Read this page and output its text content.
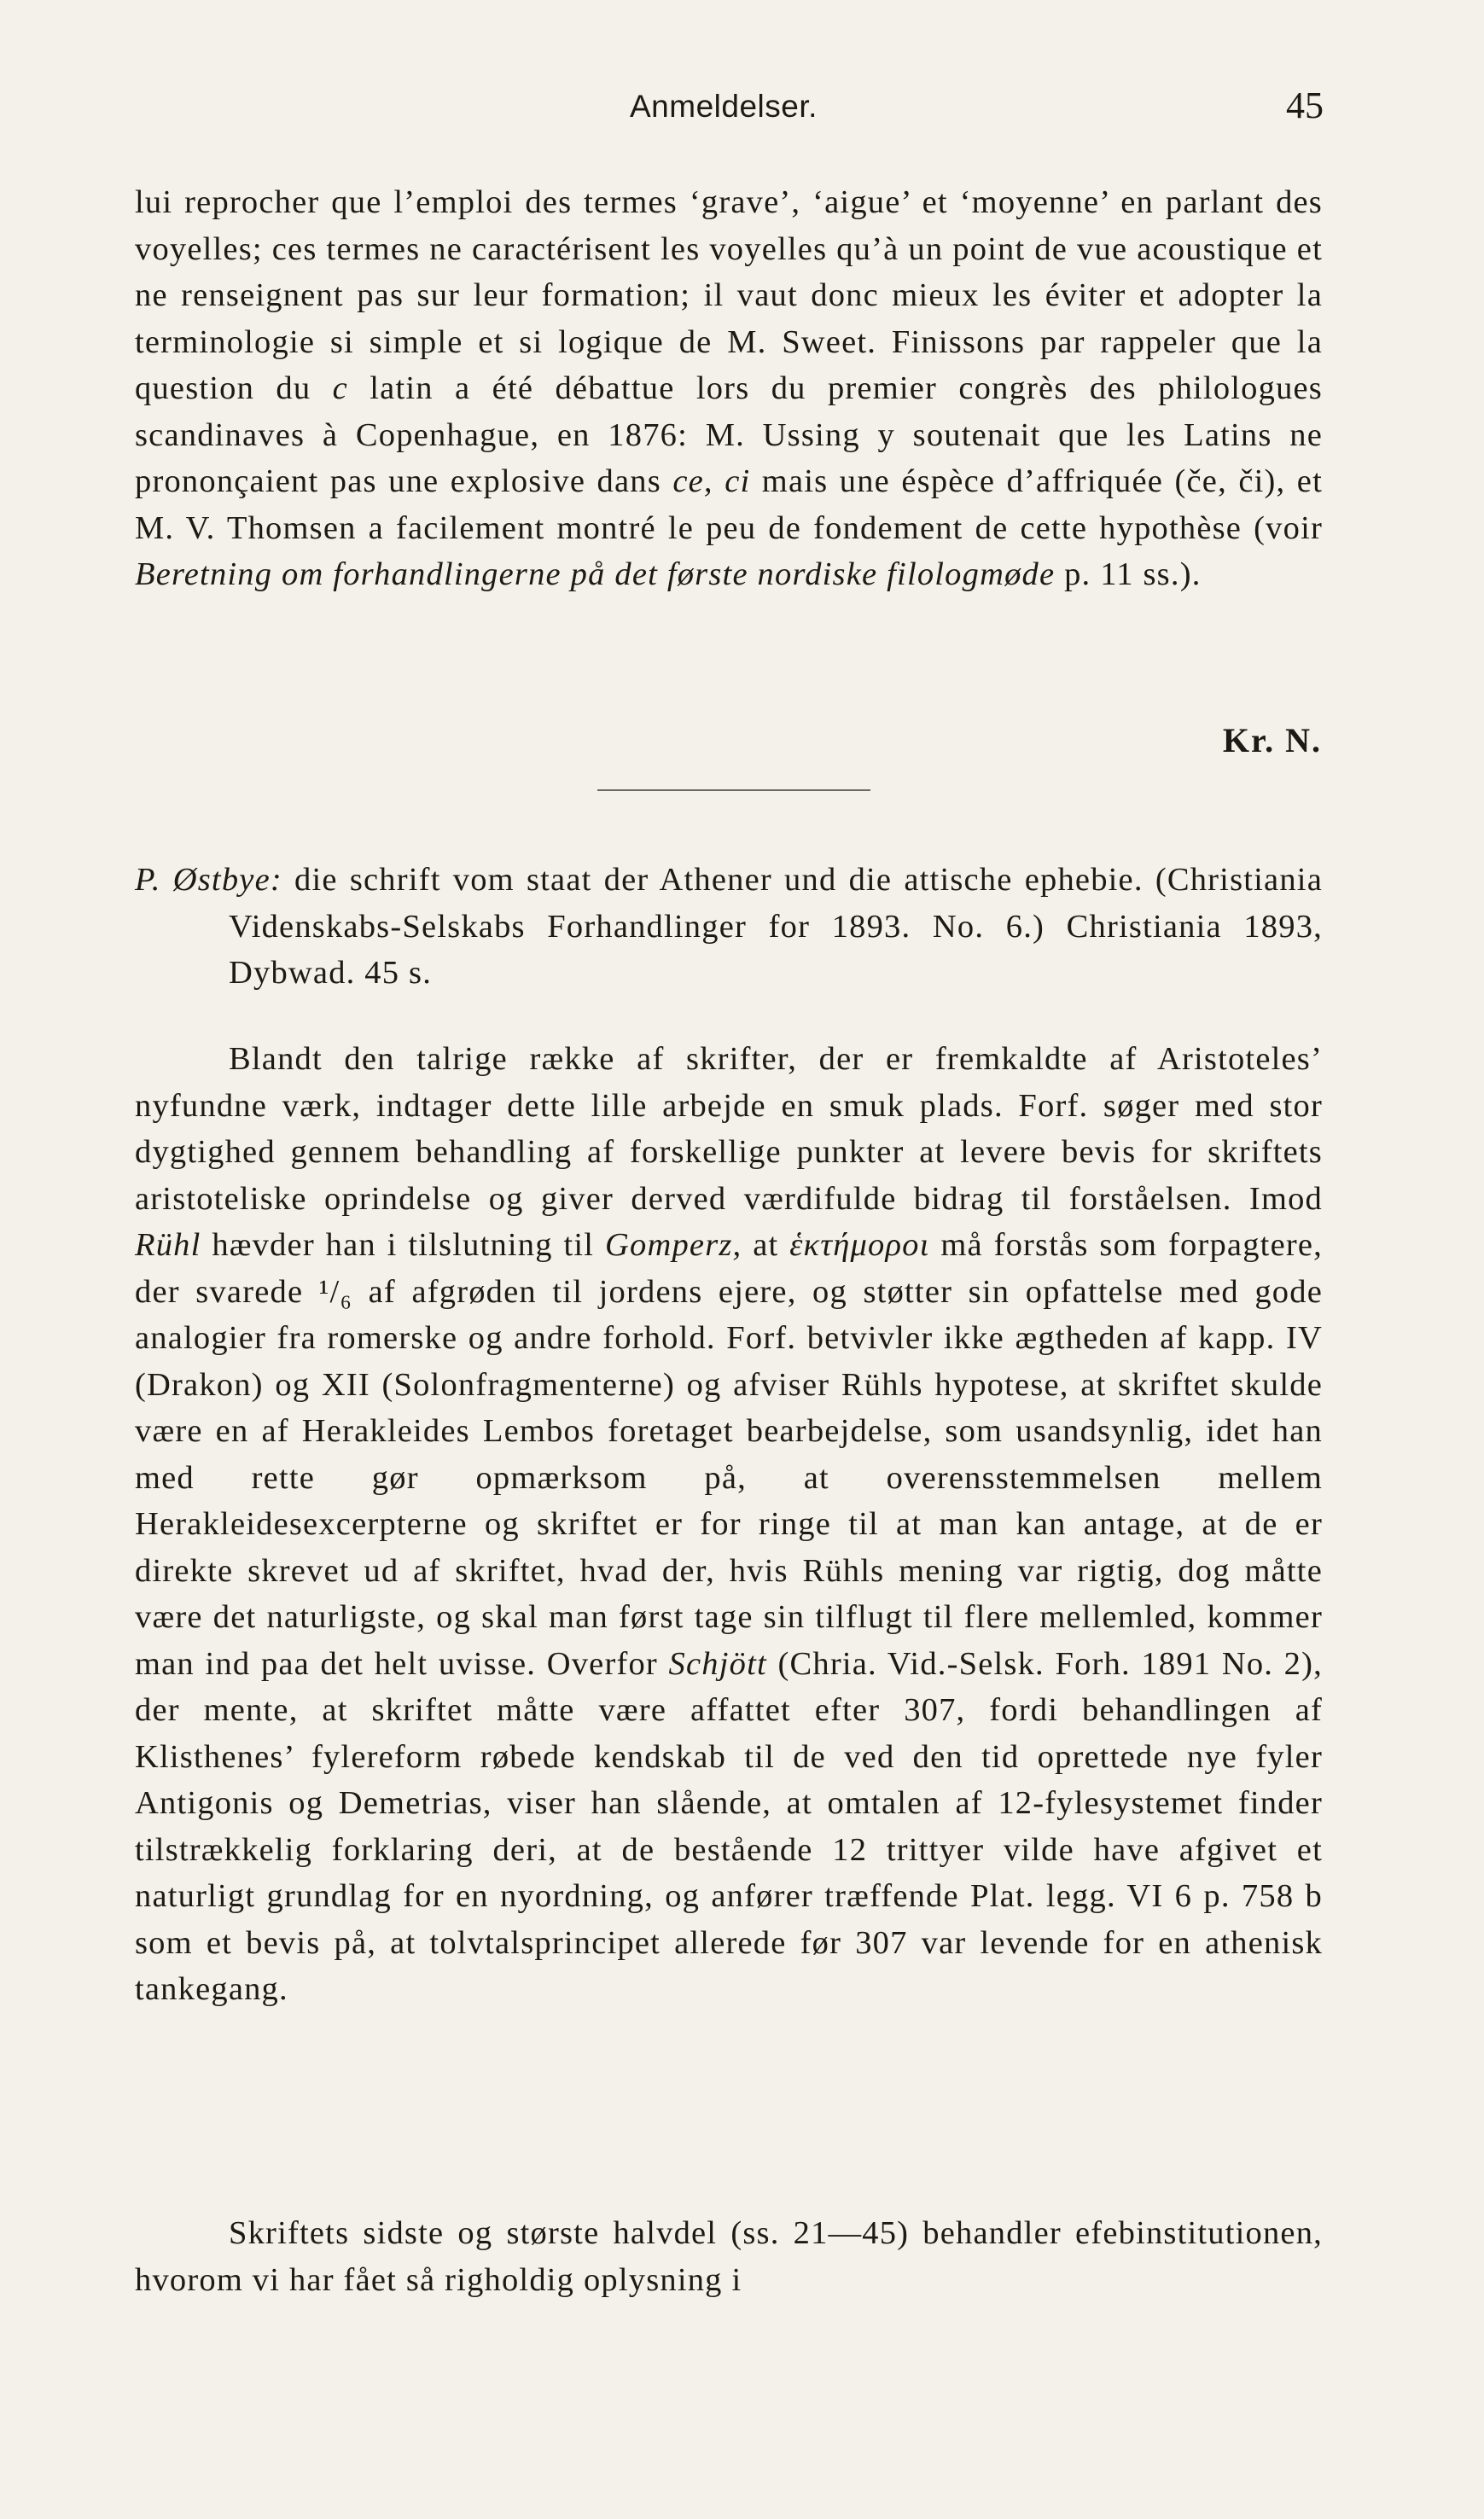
Anmeldelser.	45

lui reprocher que l’emploi des termes ‘grave’, ‘aigue’ et ‘moyenne’ en parlant des voyelles; ces termes ne caractérisent les voyelles qu’à un point de vue acoustique et ne renseignent pas sur leur formation; il vaut donc mieux les éviter et adopter la terminologie si simple et si logique de M. Sweet. Finissons par rappeler que la question du c latin a été débattue lors du premier congrès des philologues scandinaves à Copenhague, en 1876: M. Ussing y soutenait que les Latins ne prononçaient pas une explosive dans ce, ci mais une éspèce d’affriquée (če, či), et M. V. Thomsen a facilement montré le peu de fondement de cette hypothèse (voir Beretning om forhandlingerne på det første nordiske filologmøde p. 11 ss.).

Kr. N.
P. Østbye: die schrift vom staat der Athener und die attische ephebie. (Christiania Videnskabs-Selskabs Forhandlinger for 1893. No. 6.) Christiania 1893, Dybwad. 45 s.

Blandt den talrige række af skrifter, der er fremkaldte af Aristoteles’ nyfundne værk, indtager dette lille arbejde en smuk plads. Forf. søger med stor dygtighed gennem behandling af forskellige punkter at levere bevis for skriftets aristoteliske oprindelse og giver derved værdifulde bidrag til forståelsen. Imod Rühl hævder han i tilslutning til Gomperz, at ἑκτήμοροι må forstås som forpagtere, der svarede ¹/₆ af afgrøden til jordens ejere, og støtter sin opfattelse med gode analogier fra romerske og andre forhold. Forf. betvivler ikke ægtheden af kapp. IV (Drakon) og XII (Solonfragmenterne) og afviser Rühls hypotese, at skriftet skulde være en af Herakleides Lembos foretaget bearbejdelse, som usandsynlig, idet han med rette gør opmærksom på, at overensstemmelsen mellem Herakleidesexcerpterne og skriftet er for ringe til at man kan antage, at de er direkte skrevet ud af skriftet, hvad der, hvis Rühls mening var rigtig, dog måtte være det naturligste, og skal man først tage sin tilflugt til flere mellemled, kommer man ind paa det helt uvisse. Overfor Schjött (Chria. Vid.-Selsk. Forh. 1891 No. 2), der mente, at skriftet måtte være affattet efter 307, fordi behandlingen af Klisthenes’ fylereform røbede kendskab til de ved den tid oprettede nye fyler Antigonis og Demetrias, viser han slående, at omtalen af 12-fylesystemet finder tilstrækkelig forklaring deri, at de bestående 12 trittyer vilde have afgivet et naturligt grundlag for en nyordning, og anfører træffende Plat. legg. VI 6 p. 758 b som et bevis på, at tolvtalsprincipet allerede før 307 var levende for en athenisk tankegang.

Skriftets sidste og største halvdel (ss. 21—45) behandler efebinstitutionen, hvorom vi har fået så righoldig oplysning i
